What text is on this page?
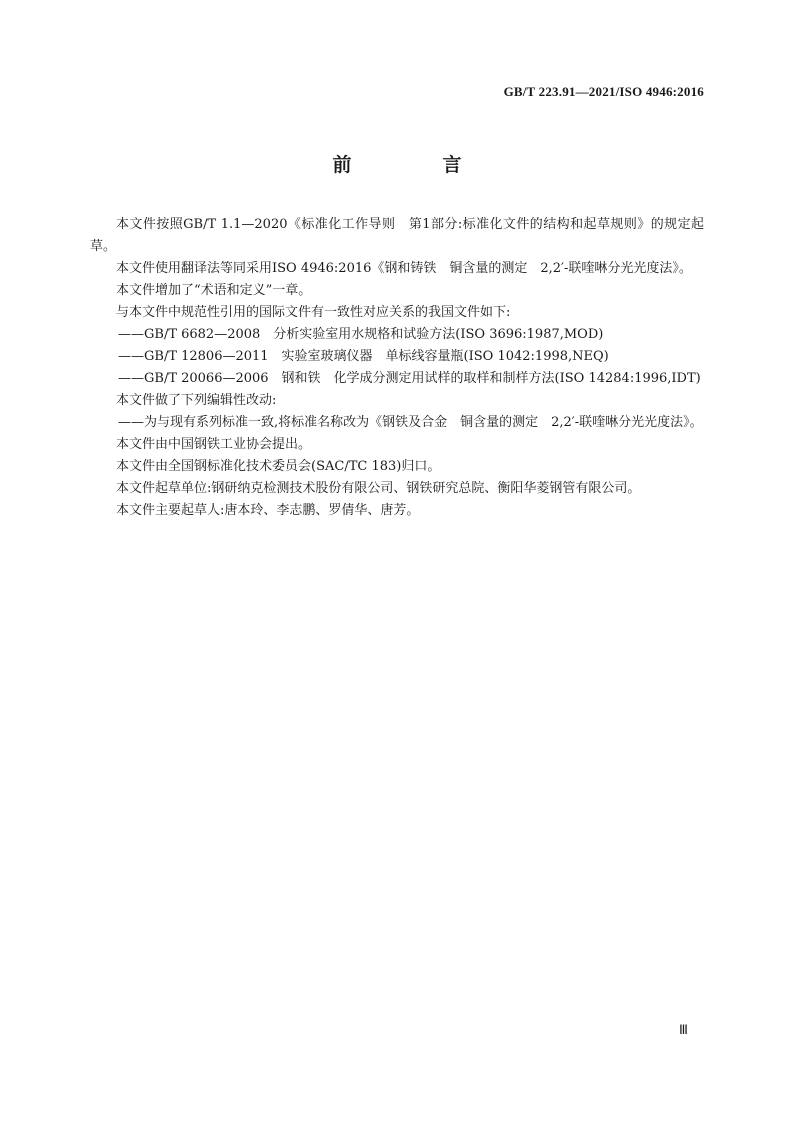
GB/T 223.91—2021/ISO 4946:2016
前　言

本文件按照GB/T 1.1—2020《标准化工作导则　第1部分:标准化文件的结构和起草规则》的规定起草。

本文件使用翻译法等同采用ISO 4946:2016《钢和铸铁　铜含量的测定　2,2′-联喹啉分光光度法》。

本文件增加了“术语和定义”一章。

与本文件中规范性引用的国际文件有一致性对应关系的我国文件如下:

——GB/T 6682—2008　分析实验室用水规格和试验方法(ISO 3696:1987,MOD)

——GB/T 12806—2011　实验室玻璃仪器　单标线容量瓶(ISO 1042:1998,NEQ)

——GB/T 20066—2006　钢和铁　化学成分测定用试样的取样和制样方法(ISO 14284:1996,IDT)

本文件做了下列编辑性改动:

——为与现有系列标准一致,将标准名称改为《钢铁及合金　铜含量的测定　2,2′-联喹啉分光光度法》。

本文件由中国钢铁工业协会提出。

本文件由全国钢标准化技术委员会(SAC/TC 183)归口。

本文件起草单位:钢研纳克检测技术股份有限公司、钢铁研究总院、衡阳华菱钢管有限公司。

本文件主要起草人:唐本玲、李志鹏、罗倩华、唐芳。

Ⅲ
